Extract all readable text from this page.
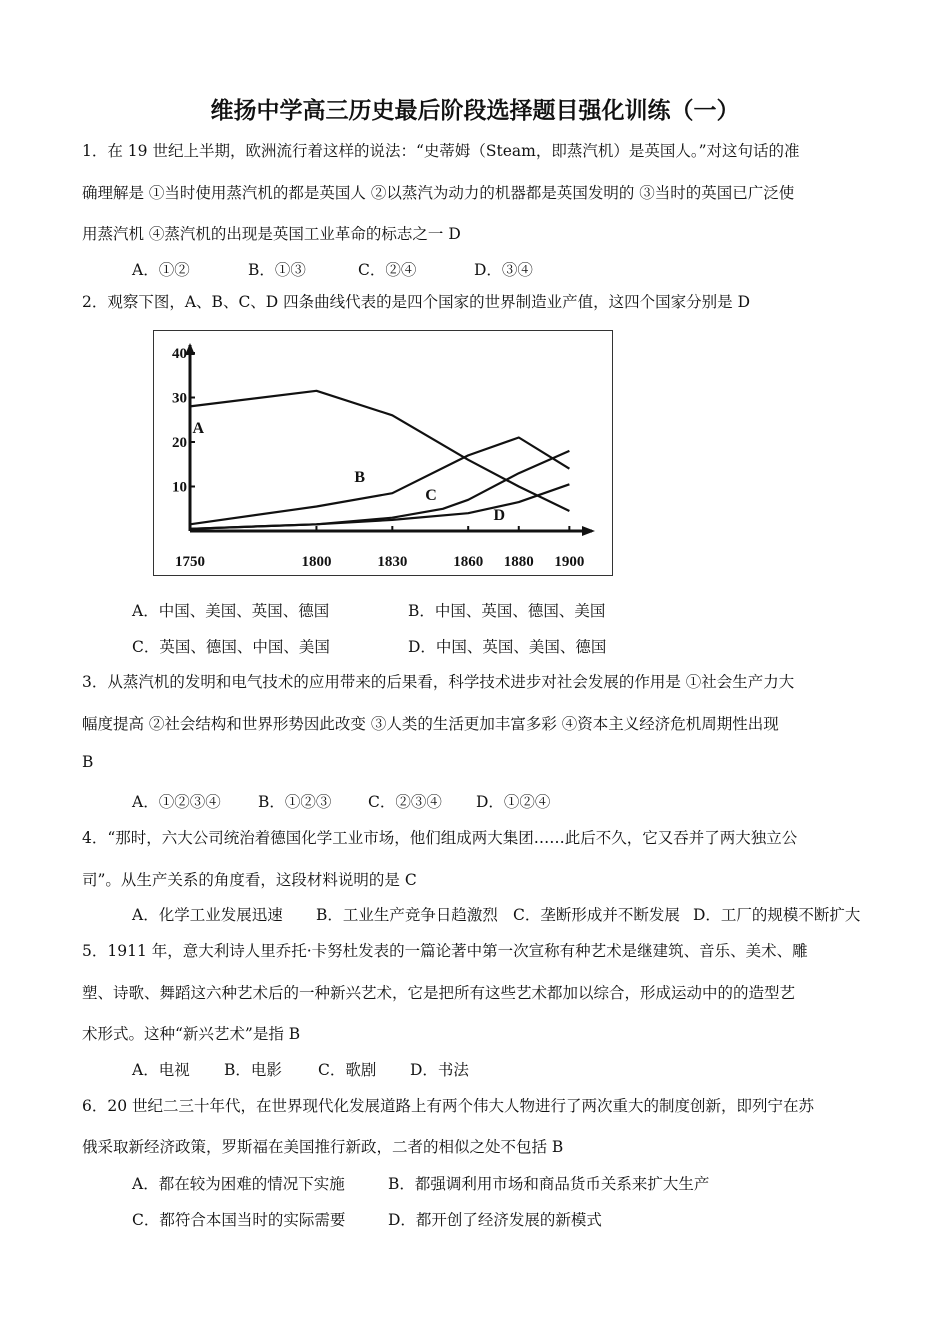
维扬中学高三历史最后阶段选择题目强化训练（一）
1．在 19 世纪上半期，欧洲流行着这样的说法：“史蒂姆（Steam，即蒸汽机）是英国人。”对这句话的准
确理解是 ①当时使用蒸汽机的都是英国人 ②以蒸汽为动力的机器都是英国发明的 ③当时的英国已广泛使
用蒸汽机 ④蒸汽机的出现是英国工业革命的标志之一 D
A．①②	B．①③	C．②④	D．③④
2．观察下图，A、B、C、D 四条曲线代表的是四个国家的世界制造业产值，这四个国家分别是 D
10
20
30
40
1750	1800	1830	1860 1880 1900
A
B
C
D
A．中国、美国、英国、德国	B．中国、英国、德国、美国
C．英国、德国、中国、美国	D．中国、英国、美国、德国
3．从蒸汽机的发明和电气技术的应用带来的后果看，科学技术进步对社会发展的作用是 ①社会生产力大
幅度提高 ②社会结构和世界形势因此改变 ③人类的生活更加丰富多彩 ④资本主义经济危机周期性出现
B
A．①②③④ B．①②③ C．②③④ D．①②④
4．“那时，六大公司统治着德国化学工业市场，他们组成两大集团……此后不久，它又吞并了两大独立公
司”。从生产关系的角度看，这段材料说明的是 C
A．化学工业发展迅速 B．工业生产竞争日趋激烈 C．垄断形成并不断发展 D．工厂的规模不断扩大
5．1911 年，意大利诗人里乔托·卡努杜发表的一篇论著中第一次宣称有种艺术是继建筑、音乐、美术、雕
塑、诗歌、舞蹈这六种艺术后的一种新兴艺术，它是把所有这些艺术都加以综合，形成运动中的的造型艺
术形式。这种“新兴艺术”是指 B
A．电视 B．电影 C．歌剧 D．书法
6．20 世纪二三十年代，在世界现代化发展道路上有两个伟大人物进行了两次重大的制度创新，即列宁在苏
俄采取新经济政策，罗斯福在美国推行新政，二者的相似之处不包括 B
A．都在较为困难的情况下实施	B．都强调利用市场和商品货币关系来扩大生产
C．都符合本国当时的实际需要	D．都开创了经济发展的新模式
